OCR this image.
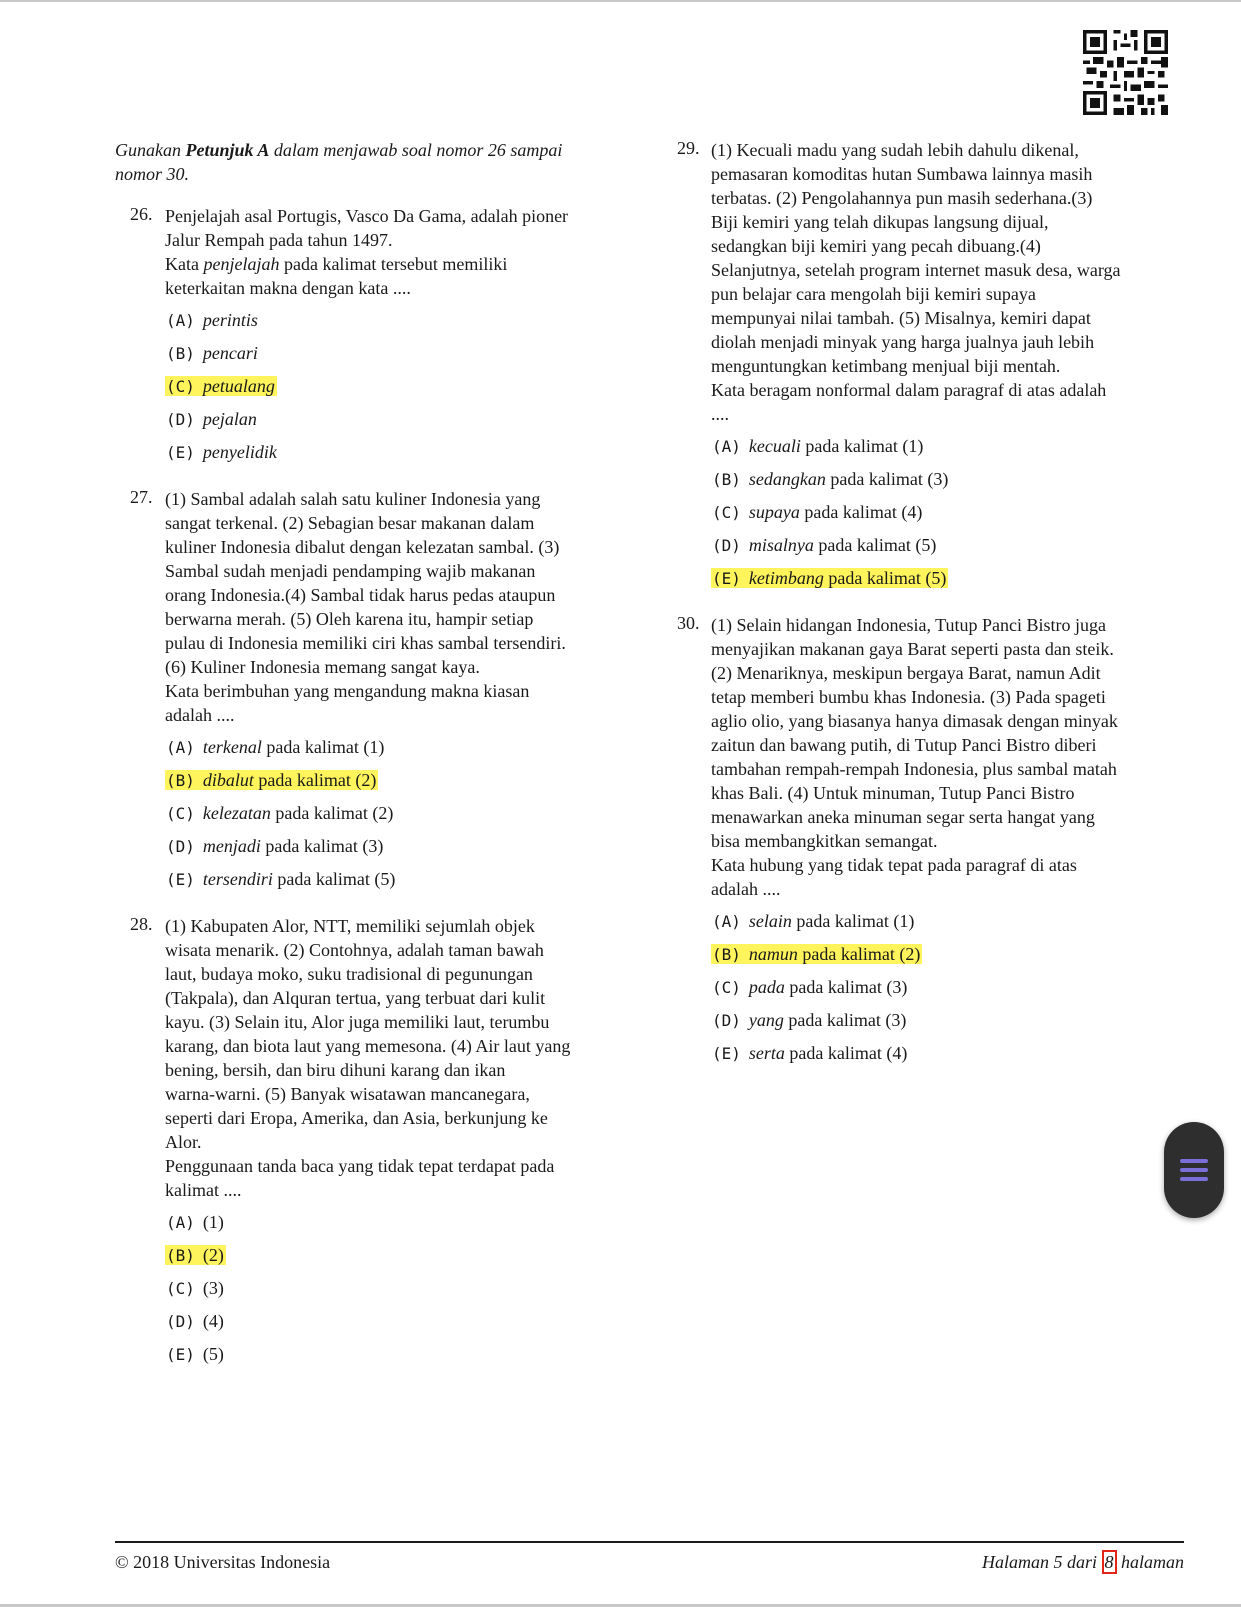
Gunakan Petunjuk A dalam menjawab soal nomor 26 sampai
nomor 30.
26. Penjelajah asal Portugis, Vasco Da Gama, adalah pioner
Jalur Rempah pada tahun 1497.
Kata penjelajah pada kalimat tersebut memiliki
keterkaitan makna dengan kata ....
(A) perintis
(B) pencari
(C) petualang
(D) pejalan
(E) penyelidik
27. (1) Sambal adalah salah satu kuliner Indonesia yang
sangat terkenal. (2) Sebagian besar makanan dalam
kuliner Indonesia dibalut dengan kelezatan sambal. (3)
Sambal sudah menjadi pendamping wajib makanan
orang Indonesia.(4) Sambal tidak harus pedas ataupun
berwarna merah. (5) Oleh karena itu, hampir setiap
pulau di Indonesia memiliki ciri khas sambal tersendiri.
(6) Kuliner Indonesia memang sangat kaya.
Kata berimbuhan yang mengandung makna kiasan
adalah ....
(A) terkenal pada kalimat (1)
(B) dibalut pada kalimat (2)
(C) kelezatan pada kalimat (2)
(D) menjadi pada kalimat (3)
(E) tersendiri pada kalimat (5)
28. (1) Kabupaten Alor, NTT, memiliki sejumlah objek
wisata menarik. (2) Contohnya, adalah taman bawah
laut, budaya moko, suku tradisional di pegunungan
(Takpala), dan Alquran tertua, yang terbuat dari kulit
kayu. (3) Selain itu, Alor juga memiliki laut, terumbu
karang, dan biota laut yang memesona. (4) Air laut yang
bening, bersih, dan biru dihuni karang dan ikan
warna-warni. (5) Banyak wisatawan mancanegara,
seperti dari Eropa, Amerika, dan Asia, berkunjung ke
Alor.
Penggunaan tanda baca yang tidak tepat terdapat pada
kalimat ....
(A) (1)
(B) (2)
(C) (3)
(D) (4)
(E) (5)
29. (1) Kecuali madu yang sudah lebih dahulu dikenal,
pemasaran komoditas hutan Sumbawa lainnya masih
terbatas. (2) Pengolahannya pun masih sederhana.(3)
Biji kemiri yang telah dikupas langsung dijual,
sedangkan biji kemiri yang pecah dibuang.(4)
Selanjutnya, setelah program internet masuk desa, warga
pun belajar cara mengolah biji kemiri supaya
mempunyai nilai tambah. (5) Misalnya, kemiri dapat
diolah menjadi minyak yang harga jualnya jauh lebih
menguntungkan ketimbang menjual biji mentah.
Kata beragam nonformal dalam paragraf di atas adalah
....
(A) kecuali pada kalimat (1)
(B) sedangkan pada kalimat (3)
(C) supaya pada kalimat (4)
(D) misalnya pada kalimat (5)
(E) ketimbang pada kalimat (5)
30. (1) Selain hidangan Indonesia, Tutup Panci Bistro juga
menyajikan makanan gaya Barat seperti pasta dan steik.
(2) Menariknya, meskipun bergaya Barat, namun Adit
tetap memberi bumbu khas Indonesia. (3) Pada spageti
aglio olio, yang biasanya hanya dimasak dengan minyak
zaitun dan bawang putih, di Tutup Panci Bistro diberi
tambahan rempah-rempah Indonesia, plus sambal matah
khas Bali. (4) Untuk minuman, Tutup Panci Bistro
menawarkan aneka minuman segar serta hangat yang
bisa membangkitkan semangat.
Kata hubung yang tidak tepat pada paragraf di atas
adalah ....
(A) selain pada kalimat (1)
(B) namun pada kalimat (2)
(C) pada pada kalimat (3)
(D) yang pada kalimat (3)
(E) serta pada kalimat (4)
© 2018 Universitas Indonesia	Halaman 5 dari 8 halaman
